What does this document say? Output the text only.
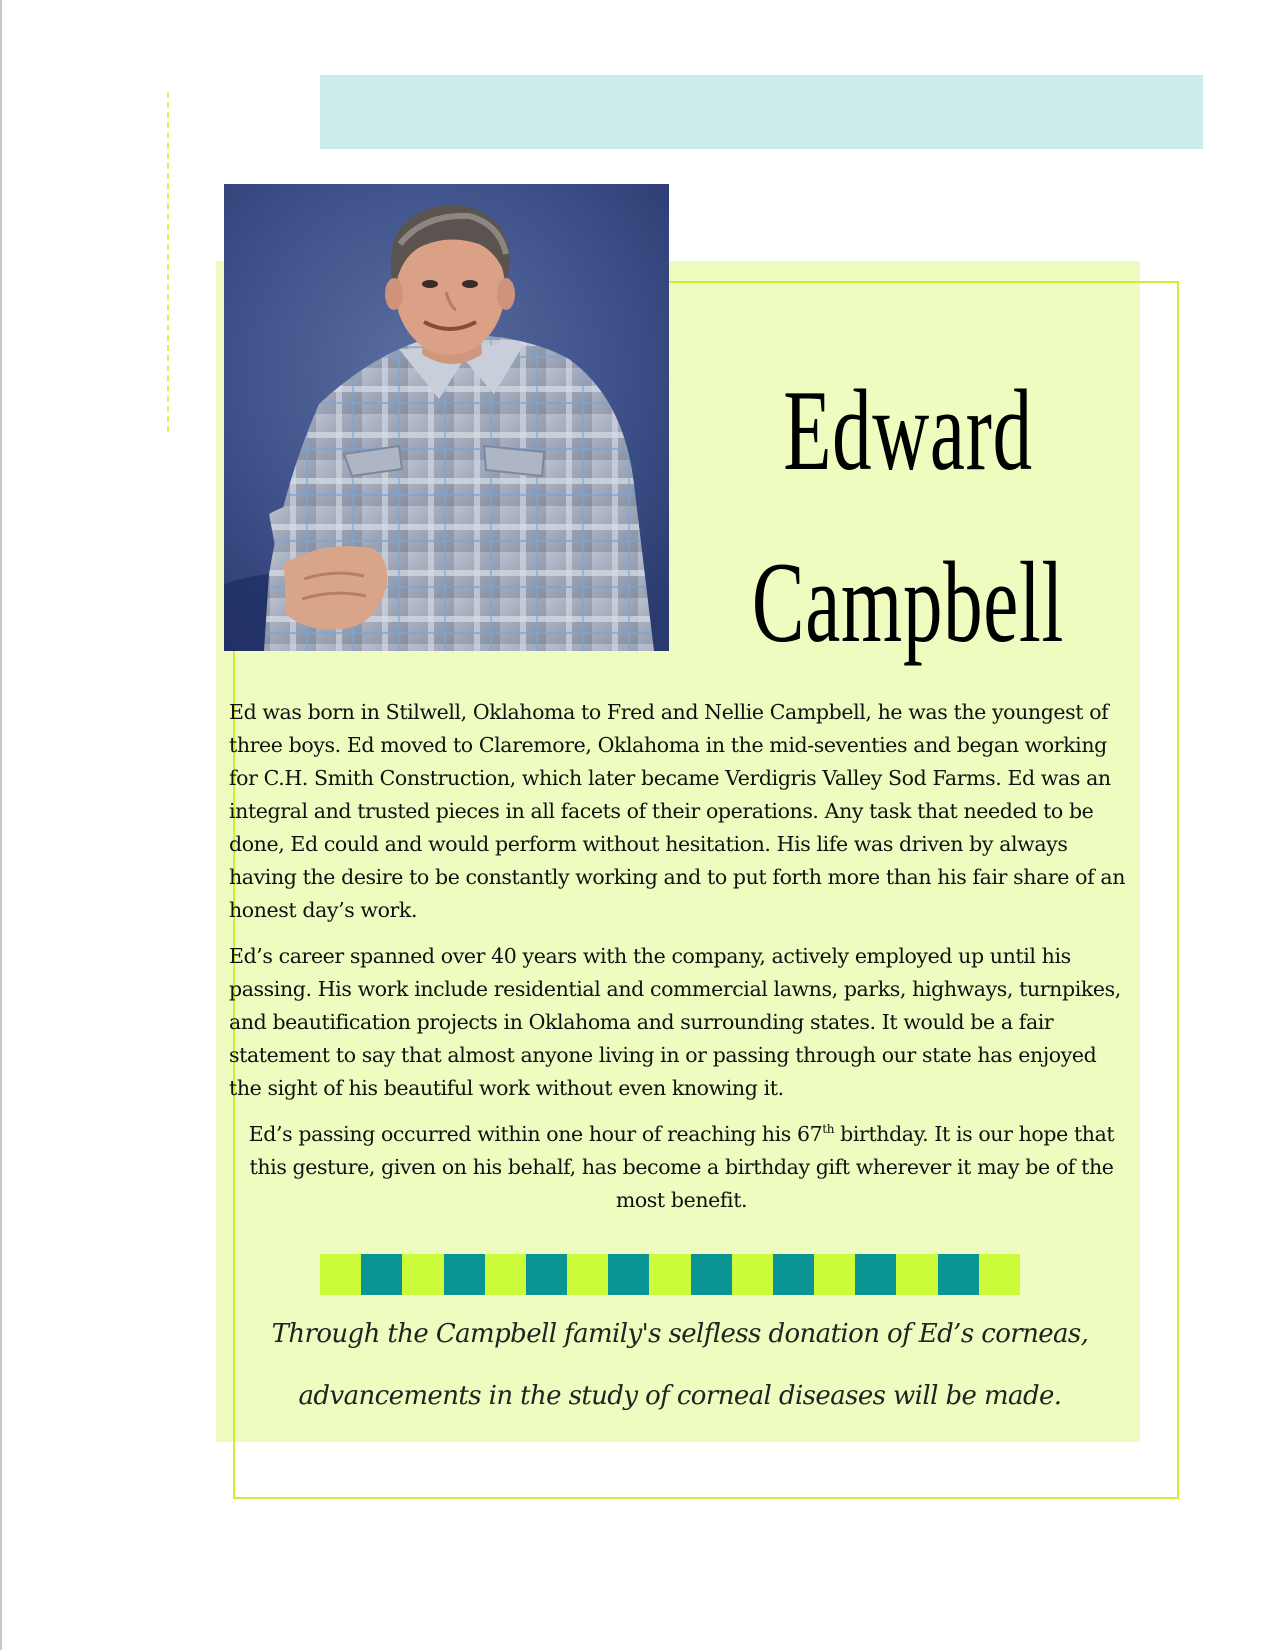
Edward
Campbell

Ed was born in Stilwell, Oklahoma to Fred and Nellie Campbell, he was the youngest of three boys. Ed moved to Claremore, Oklahoma in the mid-seventies and began working for C.H. Smith Construction, which later became Verdigris Valley Sod Farms. Ed was an integral and trusted pieces in all facets of their operations. Any task that needed to be done, Ed could and would perform without hesitation. His life was driven by always having the desire to be constantly working and to put forth more than his fair share of an honest day’s work.

Ed’s career spanned over 40 years with the company, actively employed up until his passing. His work include residential and commercial lawns, parks, highways, turnpikes, and beautification projects in Oklahoma and surrounding states. It would be a fair statement to say that almost anyone living in or passing through our state has enjoyed the sight of his beautiful work without even knowing it.

Ed’s passing occurred within one hour of reaching his 67th birthday. It is our hope that this gesture, given on his behalf, has become a birthday gift wherever it may be of the most benefit.

Through the Campbell family's selfless donation of Ed’s corneas,
advancements in the study of corneal diseases will be made.
